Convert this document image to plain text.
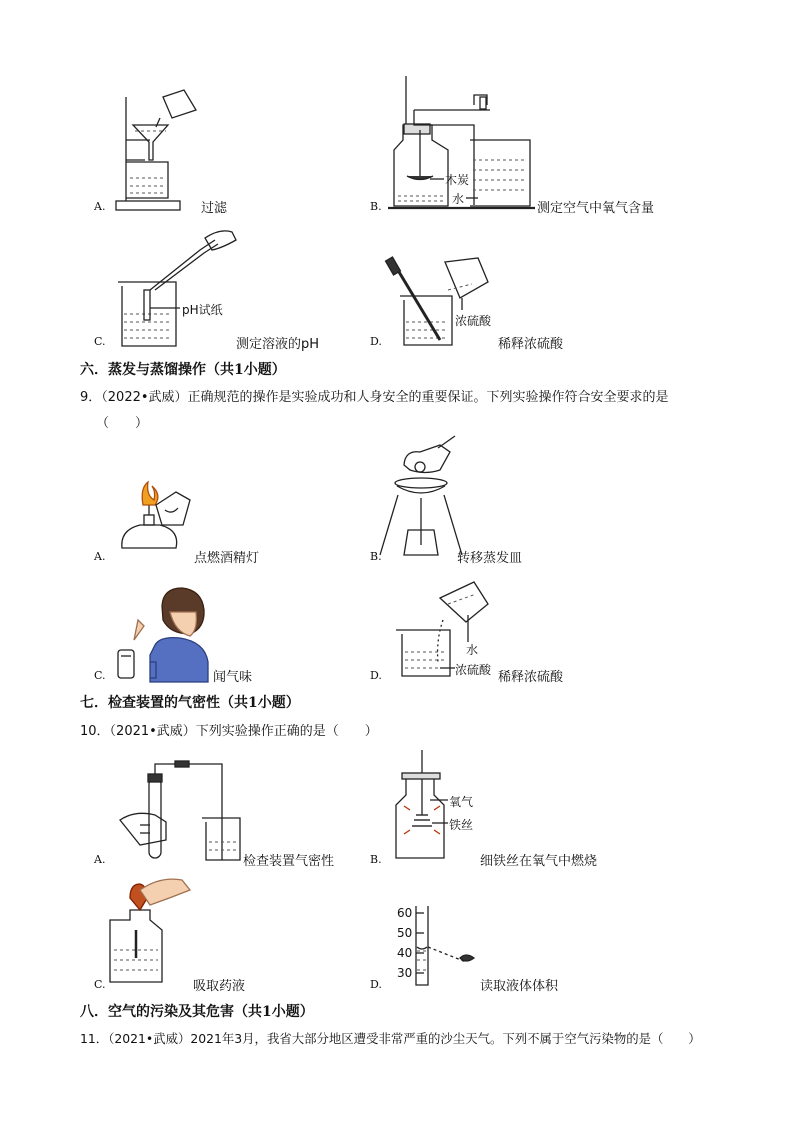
A.	过滤	B.
木炭
水
测定空气中氧气含量
C.
pH试纸
测定溶液的pH	D.
浓硫酸
稀释浓硫酸
六．蒸发与蒸馏操作（共1小题）
9．（2022•武威）正确规范的操作是实验成功和人身安全的重要保证。下列实验操作符合安全要求的是
（　　）
A.	点燃酒精灯	B.	转移蒸发皿
C.	闻气味	D.
水
浓硫酸 稀释浓硫酸
七．检查装置的气密性（共1小题）
10．（2021•武威）下列实验操作正确的是（　　）
A.	检查装置气密性	B.
氧气
铁丝
细铁丝在氧气中燃烧
C.	吸取药液	D.
60
50
40
30
读取液体体积
八．空气的污染及其危害（共1小题）
11．（2021•武威）2021年3月，我省大部分地区遭受非常严重的沙尘天气。下列不属于空气污染物的是（　　）
